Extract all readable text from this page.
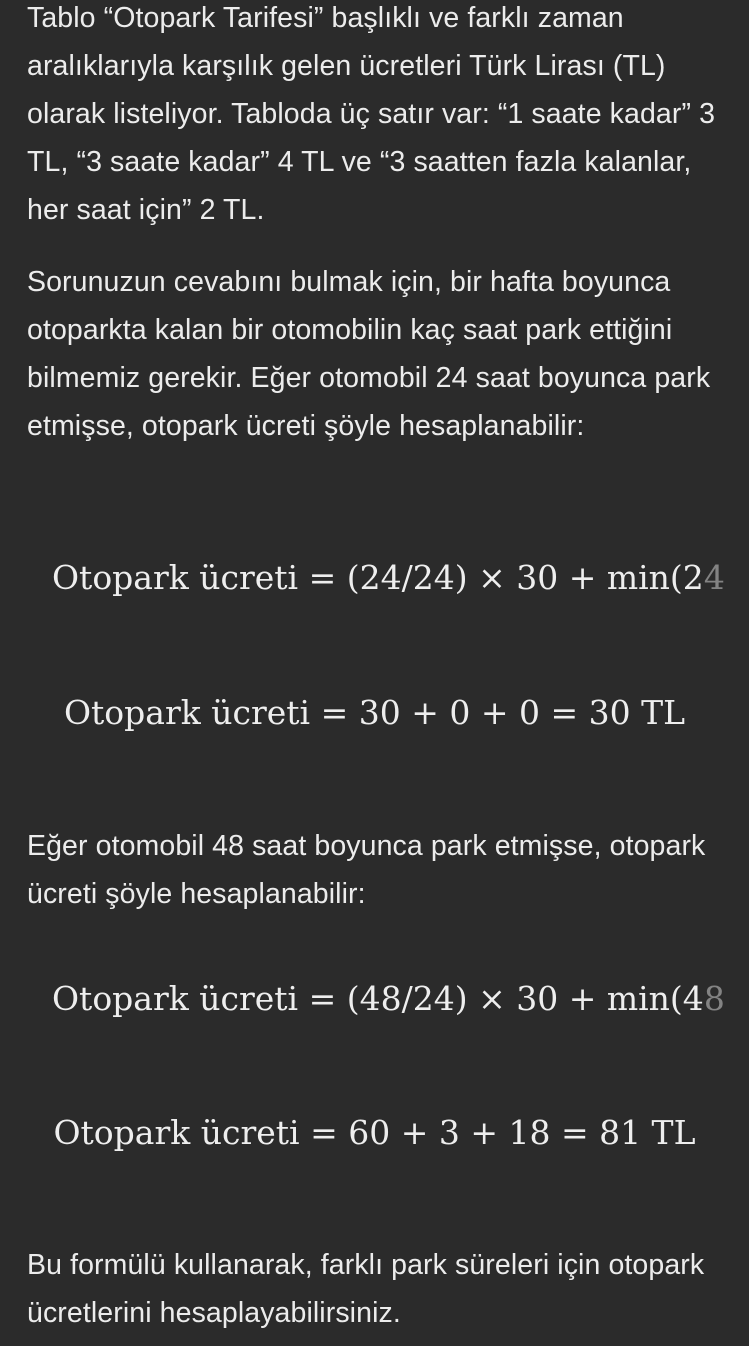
Tablo “Otopark Tarifesi” başlıklı ve farklı zaman aralıklarıyla karşılık gelen ücretleri Türk Lirası (TL) olarak listeliyor. Tabloda üç satır var: “1 saate kadar” 3 TL, “3 saate kadar” 4 TL ve “3 saatten fazla kalanlar, her saat için” 2 TL.

Sorunuzun cevabını bulmak için, bir hafta boyunca otoparkta kalan bir otomobilin kaç saat park ettiğini bilmemiz gerekir. Eğer otomobil 24 saat boyunca park etmişse, otopark ücreti şöyle hesaplanabilir:

Eğer otomobil 48 saat boyunca park etmişse, otopark ücreti şöyle hesaplanabilir:

Bu formülü kullanarak, farklı park süreleri için otopark ücretlerini hesaplayabilirsiniz.

Otopark ücreti = (24/24) × 30 + min(24
Otopark ücreti = 30 + 0 + 0 = 30 TL
Otopark ücreti = (48/24) × 30 + min(48
Otopark ücreti = 60 + 3 + 18 = 81 TL
